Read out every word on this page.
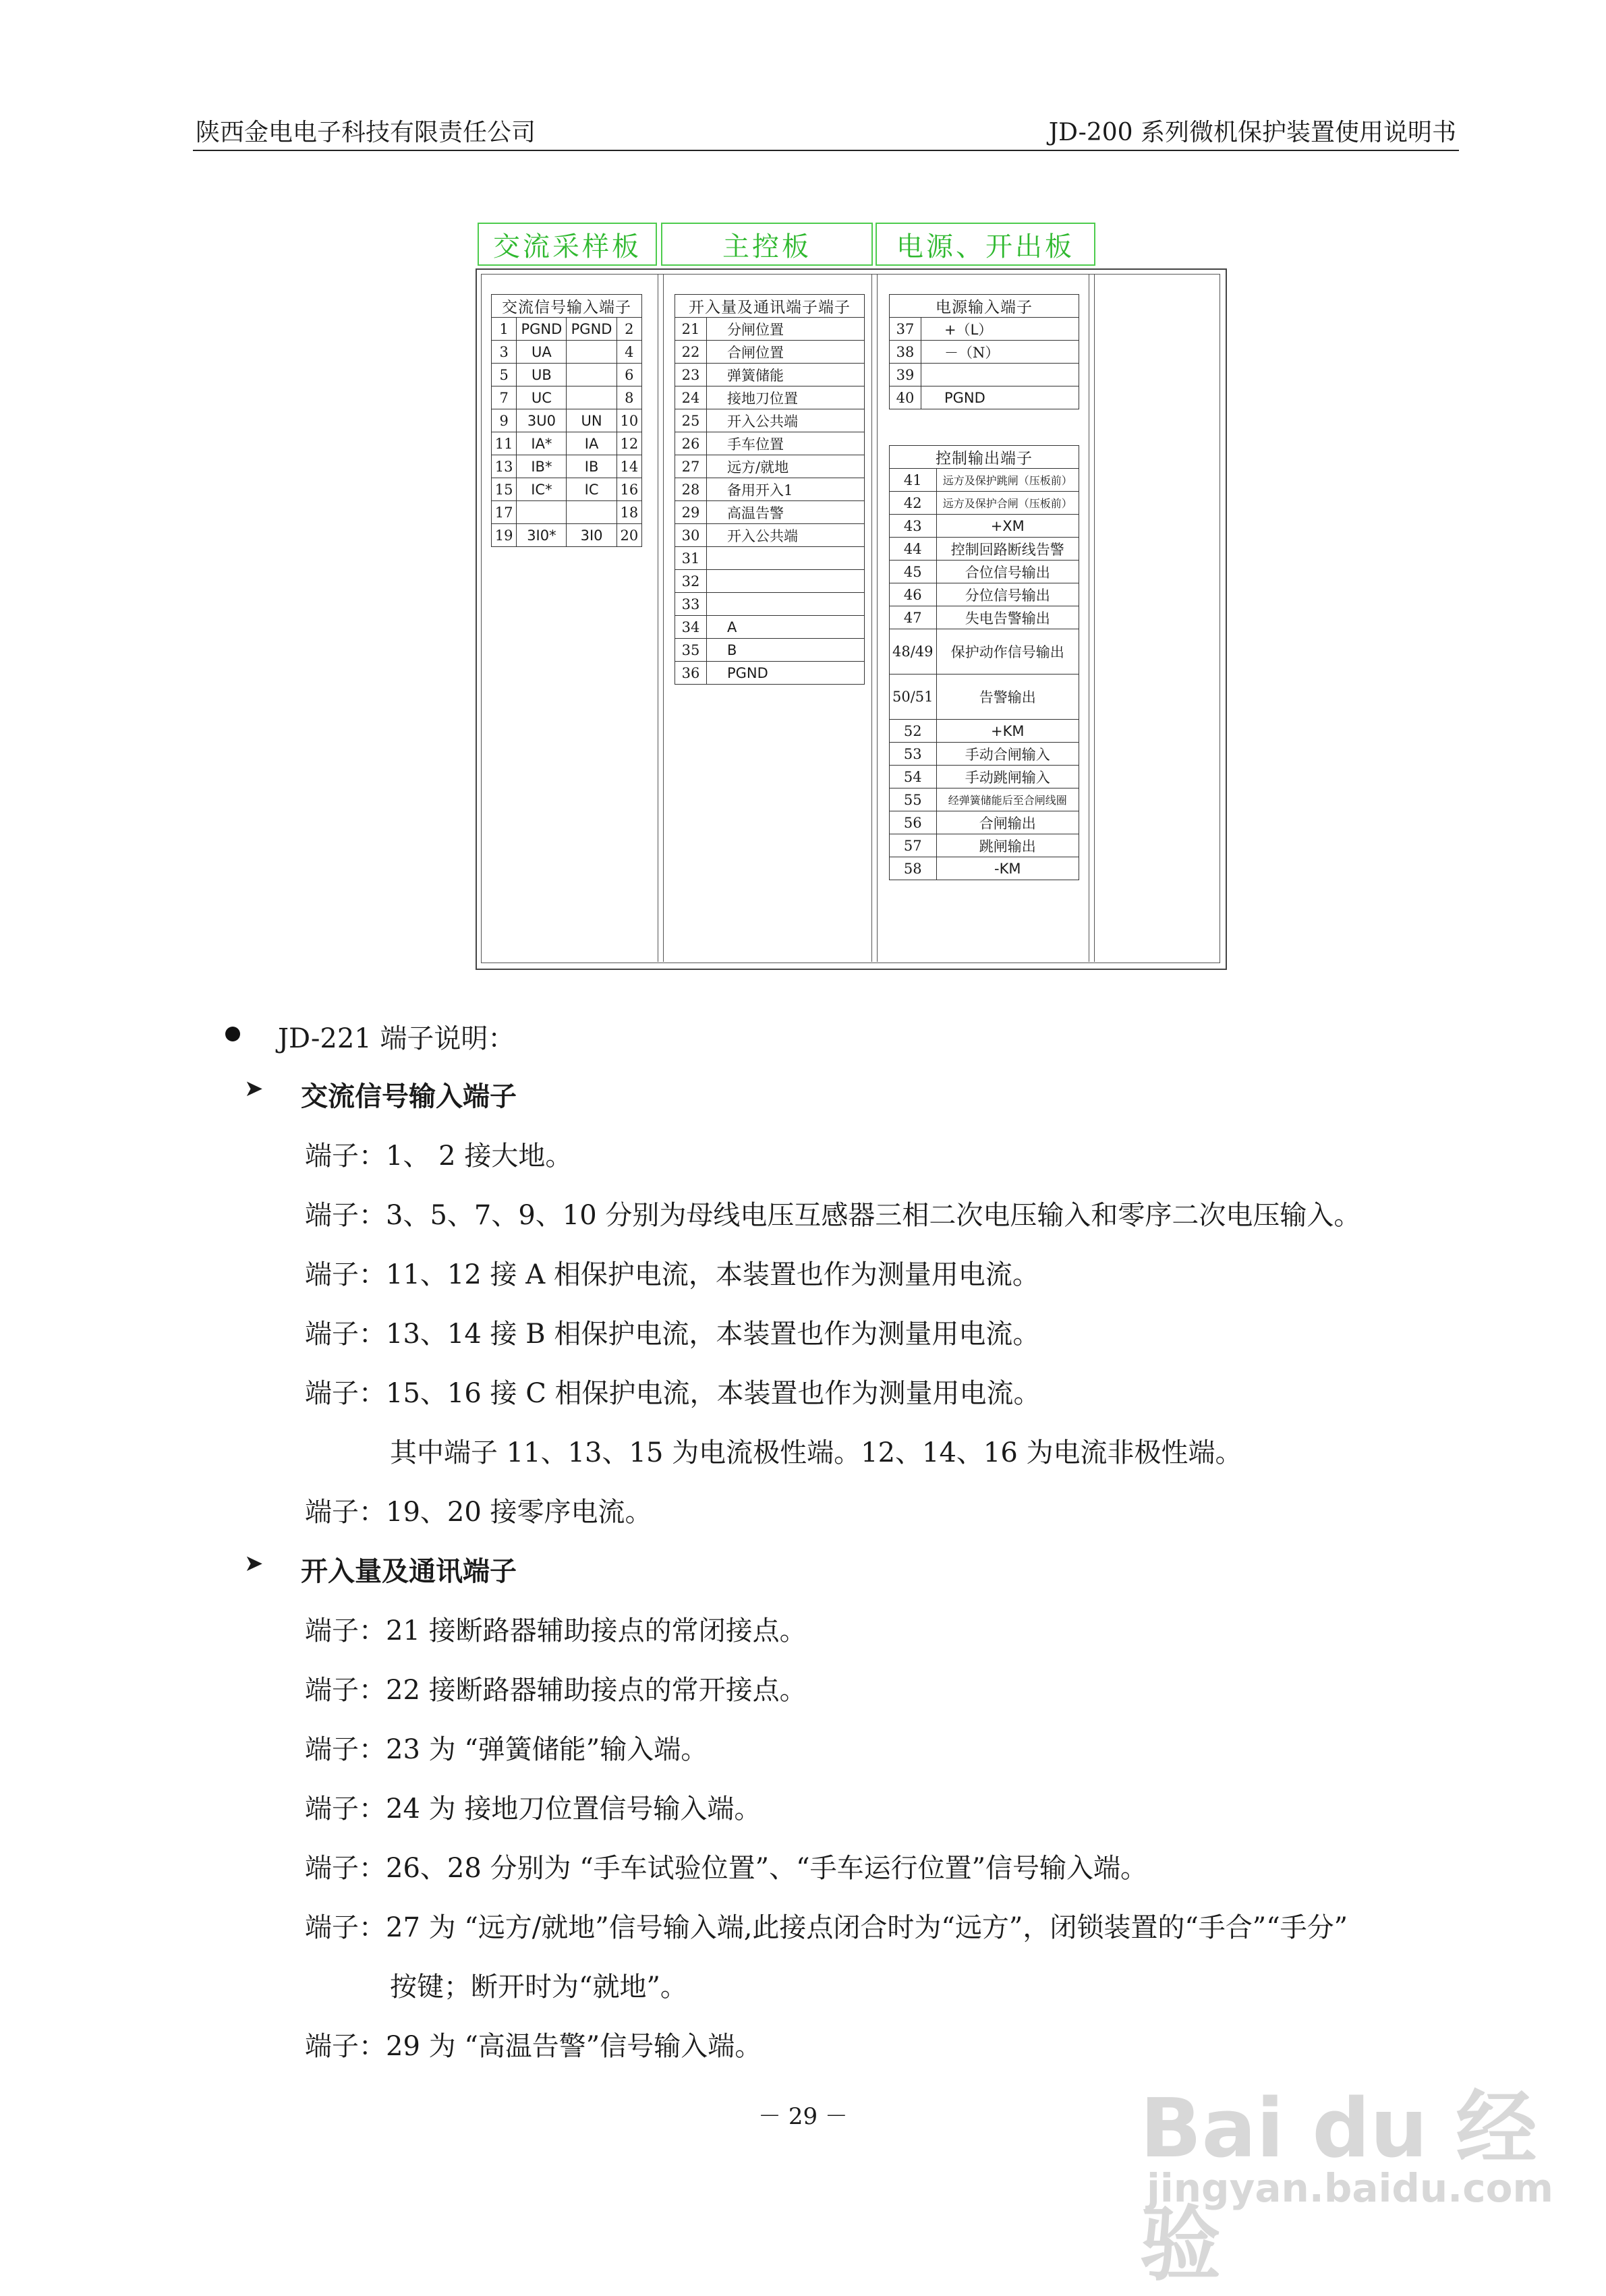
陕西金电电子科技有限责任公司	JD-200 系列微机保护装置使用说明书
交流采样板	主控板	电源、开出板
交流信号输入端子			
1	PGND	PGND	2
3	UA		4
5	UB		6
7	UC		8
9	3U0	UN	10
11	IA*	IA	12
13	IB*	IB	14
15	IC*	IC	16
17			18
19	3I0*	3I0	20
开入量及通讯端子端子	
21	分闸位置
22	合闸位置
23	弹簧储能
24	接地刀位置
25	开入公共端
26	手车位置
27	远方/就地
28	备用开入1
29	高温告警
30	开入公共端
31	
32	
33	
34	A
35	B
36	PGND
电源输入端子	
37	+（L）
38	－（N）
39	
40	PGND
控制输出端子	
41	远方及保护跳闸（压板前）
42	远方及保护合闸（压板前）
43	+XM
44	控制回路断线告警
45	合位信号输出
46	分位信号输出
47	失电告警输出
48/49	保护动作信号输出
50/51	告警输出
52	+KM
53	手动合闸输入
54	手动跳闸输入
55	经弹簧储能后至合闸线圈
56	合闸输出
57	跳闸输出
58	-KM
JD-221 端子说明：
➤ 交流信号输入端子
端子：1、 2 接大地。
端子：3、5、7、9、10 分别为母线电压互感器三相二次电压输入和零序二次电压输入。
端子：11、12 接 A 相保护电流，本装置也作为测量用电流。
端子：13、14 接 B 相保护电流，本装置也作为测量用电流。
端子：15、16 接 C 相保护电流，本装置也作为测量用电流。
其中端子 11、13、15 为电流极性端。12、14、16 为电流非极性端。
端子：19、20 接零序电流。
➤ 开入量及通讯端子
端子：21 接断路器辅助接点的常闭接点。
端子：22 接断路器辅助接点的常开接点。
端子：23 为 “弹簧储能”输入端。
端子：24 为 接地刀位置信号输入端。
端子：26、28 分别为 “手车试验位置”、“手车运行位置”信号输入端。
端子：27 为 “远方/就地”信号输入端,此接点闭合时为“远方”，闭锁装置的“手合”“手分”
按键；断开时为“就地”。
端子：29 为 “高温告警”信号输入端。
－ 29 －	Bai du 经验
jingyan.baidu.com
